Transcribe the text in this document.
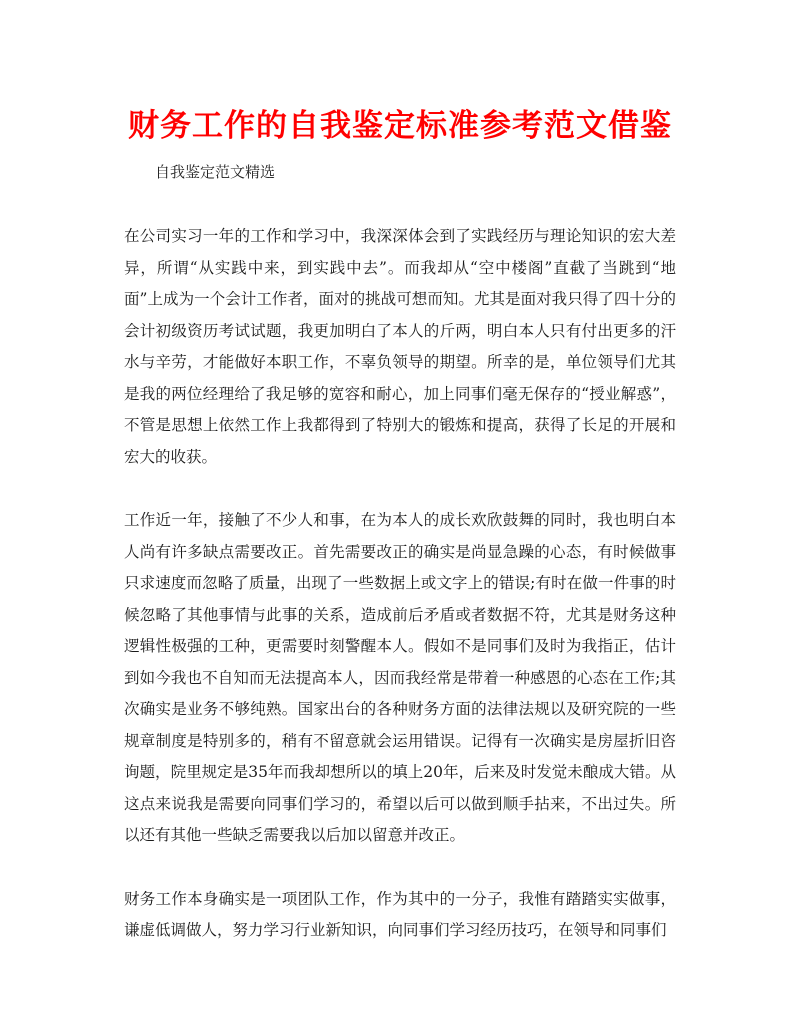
财务工作的自我鉴定标准参考范文借鉴

自我鉴定范文精选

在公司实习一年的工作和学习中，我深深体会到了实践经历与理论知识的宏大差异，所谓“从实践中来，到实践中去”。而我却从“空中楼阁”直截了当跳到“地面”上成为一个会计工作者，面对的挑战可想而知。尤其是面对我只得了四十分的会计初级资历考试试题，我更加明白了本人的斤两，明白本人只有付出更多的汗水与辛劳，才能做好本职工作，不辜负领导的期望。所幸的是，单位领导们尤其是我的两位经理给了我足够的宽容和耐心，加上同事们毫无保存的“授业解惑”，不管是思想上依然工作上我都得到了特别大的锻炼和提高，获得了长足的开展和宏大的收获。

工作近一年，接触了不少人和事，在为本人的成长欢欣鼓舞的同时，我也明白本人尚有许多缺点需要改正。首先需要改正的确实是尚显急躁的心态，有时候做事只求速度而忽略了质量，出现了一些数据上或文字上的错误;有时在做一件事的时候忽略了其他事情与此事的关系，造成前后矛盾或者数据不符，尤其是财务这种逻辑性极强的工种，更需要时刻警醒本人。假如不是同事们及时为我指正，估计到如今我也不自知而无法提高本人，因而我经常是带着一种感恩的心态在工作;其次确实是业务不够纯熟。国家出台的各种财务方面的法律法规以及研究院的一些规章制度是特别多的，稍有不留意就会运用错误。记得有一次确实是房屋折旧咨询题，院里规定是35年而我却想所以的填上20年，后来及时发觉未酿成大错。从这点来说我是需要向同事们学习的，希望以后可以做到顺手拈来，不出过失。所以还有其他一些缺乏需要我以后加以留意并改正。

财务工作本身确实是一项团队工作，作为其中的一分子，我惟有踏踏实实做事，谦虚低调做人，努力学习行业新知识，向同事们学习经历技巧，在领导和同事们
